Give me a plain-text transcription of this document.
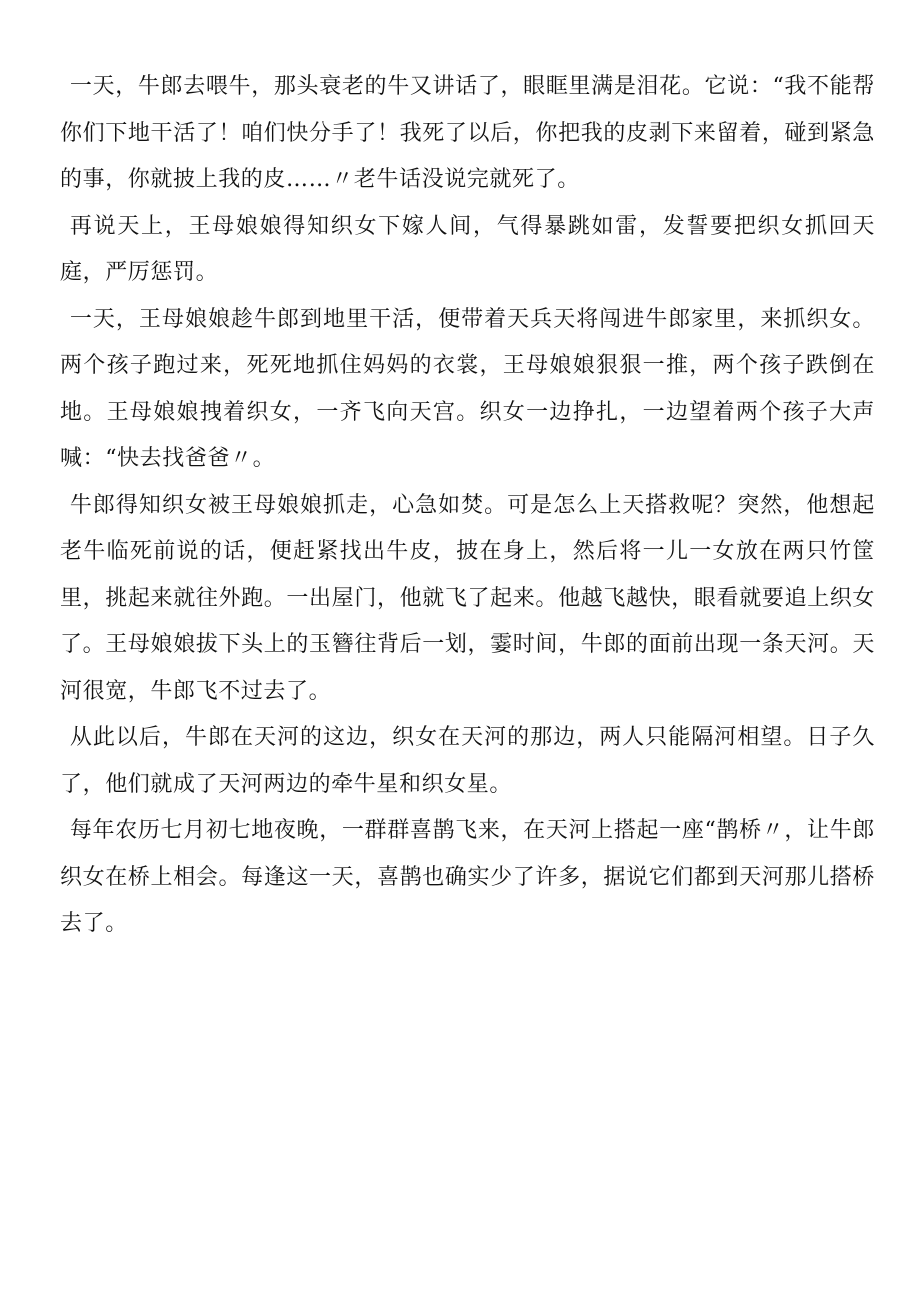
一天，牛郎去喂牛，那头衰老的牛又讲话了，眼眶里满是泪花。它说：“我不能帮你们下地干活了！咱们快分手了！我死了以后，你把我的皮剥下来留着，碰到紧急的事，你就披上我的皮……〃老牛话没说完就死了。

再说天上，王母娘娘得知织女下嫁人间，气得暴跳如雷，发誓要把织女抓回天庭，严厉惩罚。

一天，王母娘娘趁牛郎到地里干活，便带着天兵天将闯进牛郎家里，来抓织女。两个孩子跑过来，死死地抓住妈妈的衣裳，王母娘娘狠狠一推，两个孩子跌倒在地。王母娘娘拽着织女，一齐飞向天宫。织女一边挣扎，一边望着两个孩子大声喊：“快去找爸爸〃。

牛郎得知织女被王母娘娘抓走，心急如焚。可是怎么上天搭救呢？突然，他想起老牛临死前说的话，便赶紧找出牛皮，披在身上，然后将一儿一女放在两只竹筐里，挑起来就往外跑。一出屋门，他就飞了起来。他越飞越快，眼看就要追上织女了。王母娘娘拔下头上的玉簪往背后一划，霎时间，牛郎的面前出现一条天河。天河很宽，牛郎飞不过去了。

从此以后，牛郎在天河的这边，织女在天河的那边，两人只能隔河相望。日子久了，他们就成了天河两边的牵牛星和织女星。

每年农历七月初七地夜晚，一群群喜鹊飞来，在天河上搭起一座“鹊桥〃，让牛郎织女在桥上相会。每逢这一天，喜鹊也确实少了许多，据说它们都到天河那儿搭桥去了。
